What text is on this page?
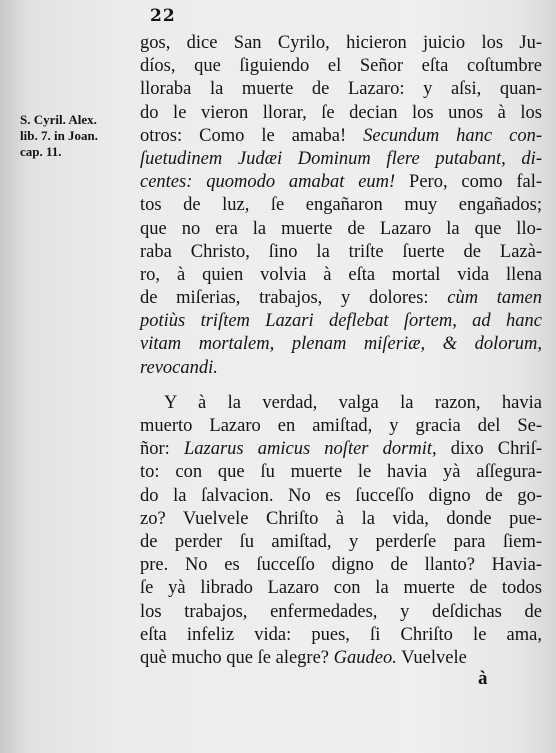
22
S. Cyril. Alex.
lib. 7. in Joan.
cap. 11.
gos, dice San Cyrilo, hicieron juicio los Ju-
díos, que ſiguiendo el Señor eſta coſtumbre
lloraba la muerte de Lazaro: y aſsi, quan-
do le vieron llorar, ſe decian los unos à los
otros: Como le amaba! Secundum hanc con-
ſuetudinem Judæi Dominum flere putabant, di-
centes: quomodo amabat eum! Pero, como fal-
tos de luz, ſe engañaron muy engañados;
que no era la muerte de Lazaro la que llo-
raba Christo, ſino la triſte ſuerte de Lazà-
ro, à quien volvia à eſta mortal vida llena
de miſerias, trabajos, y dolores: cùm tamen
potiùs triſtem Lazari deflebat ſortem, ad hanc
vitam mortalem, plenam miſeriæ, & dolorum,
revocandi.
Y à la verdad, valga la razon, havia
muerto Lazaro en amiſtad, y gracia del Se-
ñor: Lazarus amicus noſter dormit, dixo Chriſ-
to: con que ſu muerte le havia yà aſſegura-
do la ſalvacion. No es ſucceſſo digno de go-
zo? Vuelvele Chriſto à la vida, donde pue-
de perder ſu amiſtad, y perderſe para ſiem-
pre. No es ſucceſſo digno de llanto? Havia-
ſe yà librado Lazaro con la muerte de todos
los trabajos, enfermedades, y deſdichas de
eſta infeliz vida: pues, ſi Chriſto le ama,
què mucho que ſe alegre? Gaudeo. Vuelvele
à
